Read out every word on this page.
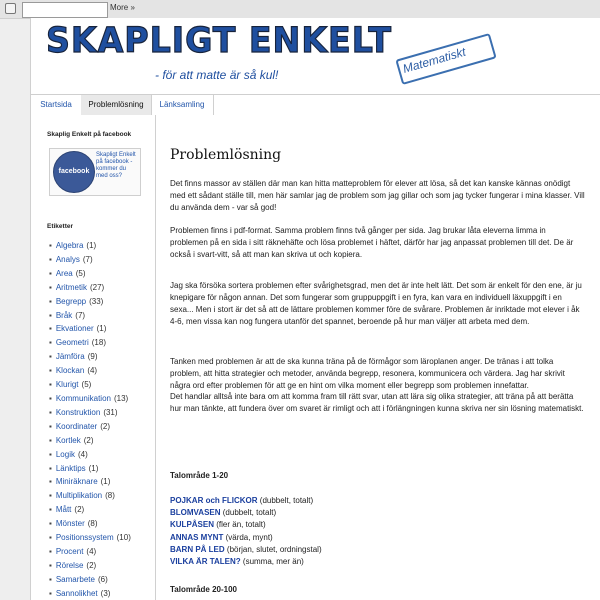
More »
SKAPLIGT ENKELT Matematiskt
- för att matte är så kul!
Startsida	Problemlösning	Länksamling
Skaplig Enkelt på facebook
facebook
Skapligt Enkelt på facebook - kommer du med oss?
Etiketter
▪ Algebra (1)
▪ Analys (7)
▪ Area (5)
▪ Aritmetik (27)
▪ Begrepp (33)
▪ Bråk (7)
▪ Ekvationer (1)
▪ Geometri (18)
▪ Jämföra (9)
▪ Klockan (4)
▪ Klurigt (5)
▪ Kommunikation (13)
▪ Konstruktion (31)
▪ Koordinater (2)
▪ Kortlek (2)
▪ Logik (4)
▪ Länktips (1)
▪ Miniräknare (1)
▪ Multiplikation (8)
▪ Mått (2)
▪ Mönster (8)
▪ Positionssystem (10)
▪ Procent (4)
▪ Rörelse (2)
▪ Samarbete (6)
▪ Sannolikhet (3)
Problemlösning

Det finns massor av ställen där man kan hitta matteproblem för elever att lösa, så det kan kanske kännas onödigt med ett sådant ställe till, men här samlar jag de problem som jag gillar och som jag tycker fungerar i mina klasser. Vill du använda dem - var så god!

Problemen finns i pdf-format. Samma problem finns två gånger per sida. Jag brukar låta eleverna limma in problemen på en sida i sitt räknehäfte och lösa problemet i häftet, därför har jag anpassat problemen till det. De är också i svart-vitt, så att man kan skriva ut och kopiera.

Jag ska försöka sortera problemen efter svårighetsgrad, men det är inte helt lätt. Det som är enkelt för den ene, är ju knepigare för någon annan. Det som fungerar som gruppuppgift i en fyra, kan vara en individuell läxuppgift i en sexa... Men i stort är det så att de lättare problemen kommer före de svårare. Problemen är inriktade mot elever i åk 4-6, men vissa kan nog fungera utanför det spannet, beroende på hur man väljer att arbeta med dem.

Tanken med problemen är att de ska kunna träna på de förmågor som läroplanen anger. De tränas i att tolka problem, att hitta strategier och metoder, använda begrepp, resonera, kommunicera och värdera. Jag har skrivit några ord efter problemen för att ge en hint om vilka moment eller begrepp som problemen innefattar.

Det handlar alltså inte bara om att komma fram till rätt svar, utan att lära sig olika strategier, att träna på att berätta hur man tänkte, att fundera över om svaret är rimligt och att i förlängningen kunna skriva ner sin lösning matematiskt.

Talområde 1-20
POJKAR och FLICKOR (dubbelt, totalt)
BLOMVASEN (dubbelt, totalt)
KULPÅSEN (fler än, totalt)
ANNAS MYNT (värda, mynt)
BARN PÅ LED (början, slutet, ordningstal)
VILKA ÄR TALEN? (summa, mer än)
Talområde 20-100
